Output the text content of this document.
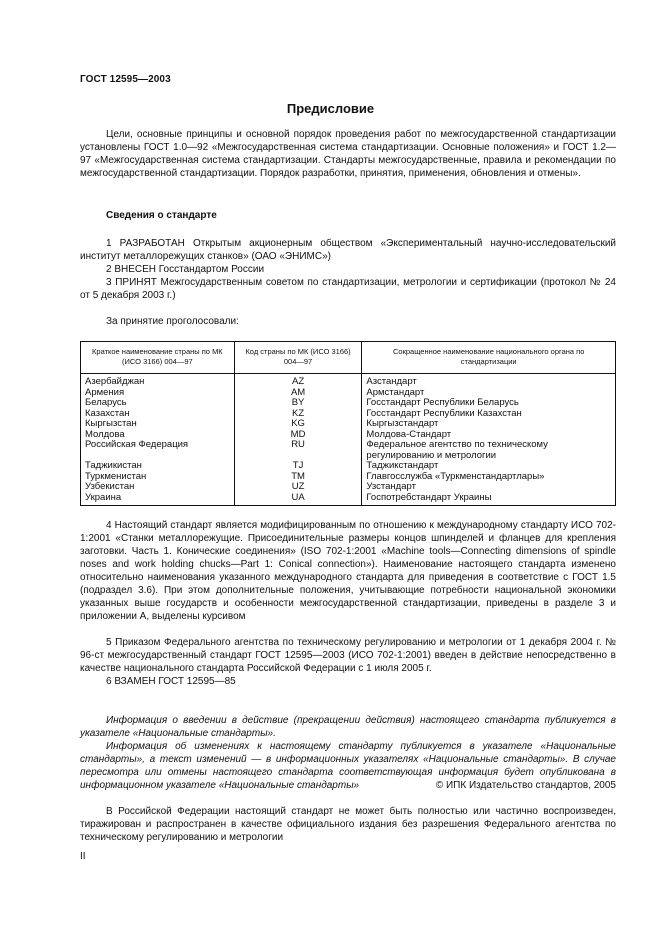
ГОСТ 12595—2003
Предисловие

Цели, основные принципы и основной порядок проведения работ по межгосударственной стандартизации установлены ГОСТ 1.0—92 «Межгосударственная система стандартизации. Основные положения» и ГОСТ 1.2—97 «Межгосударственная система стандартизации. Стандарты межгосударственные, правила и рекомендации по межгосударственной стандартизации. Порядок разработки, принятия, применения, обновления и отмены».

Сведения о стандарте

1 РАЗРАБОТАН Открытым акционерным обществом «Экспериментальный научно-исследовательский институт металлорежущих станков» (ОАО «ЭНИМС»)

2 ВНЕСЕН Госстандартом России

3 ПРИНЯТ Межгосударственным советом по стандартизации, метрологии и сертификации (протокол № 24 от 5 декабря 2003 г.)

За принятие проголосовали:

Краткое наименование страны по МК (ИСО 3166) 004—97	Код страны по МК (ИСО 3166) 004—97	Сокращенное наименование национального органа по стандартизации
Азербайджан	AZ	Азстандарт
Армения	AM	Армстандарт
Беларусь	BY	Госстандарт Республики Беларусь
Казахстан	KZ	Госстандарт Республики Казахстан
Кыргызстан	KG	Кыргызстандарт
Молдова	MD	Молдова-Стандарт
Российская Федерация	RU	Федеральное агентство по техническому регулированию и метрологии
Таджикистан	TJ	Таджикстандарт
Туркменистан	TM	Главгосслужба «Туркменстандартлары»
Узбекистан	UZ	Узстандарт
Украина	UA	Госпотребстандарт Украины

4 Настоящий стандарт является модифицированным по отношению к международному стандарту ИСО 702-1:2001 «Станки металлорежущие. Присоединительные размеры концов шпинделей и фланцев для крепления заготовки. Часть 1. Конические соединения» (ISO 702-1:2001 «Machine tools—Connecting dimensions of spindle noses and work holding chucks—Part 1: Conical connection»). Наименование настоящего стандарта изменено относительно наименования указанного международного стандарта для приведения в соответствие с ГОСТ 1.5 (подраздел 3.6). При этом дополнительные положения, учитывающие потребности национальной экономики указанных выше государств и особенности межгосударственной стандартизации, приведены в разделе 3 и приложении А, выделены курсивом

5 Приказом Федерального агентства по техническому регулированию и метрологии от 1 декабря 2004 г. № 96-ст межгосударственный стандарт ГОСТ 12595—2003 (ИСО 702-1:2001) введен в действие непосредственно в качестве национального стандарта Российской Федерации с 1 июля 2005 г.

6 ВЗАМЕН ГОСТ 12595—85

Информация о введении в действие (прекращении действия) настоящего стандарта публикуется в указателе «Национальные стандарты».

Информация об изменениях к настоящему стандарту публикуется в указателе «Национальные стандарты», а текст изменений — в информационных указателях «Национальные стандарты». В случае пересмотра или отмены настоящего стандарта соответствующая информация будет опубликована в информационном указателе «Национальные стандарты»	© ИПК Издательство стандартов, 2005

В Российской Федерации настоящий стандарт не может быть полностью или частично воспроизведен, тиражирован и распространен в качестве официального издания без разрешения Федерального агентства по техническому регулированию и метрологии

II
